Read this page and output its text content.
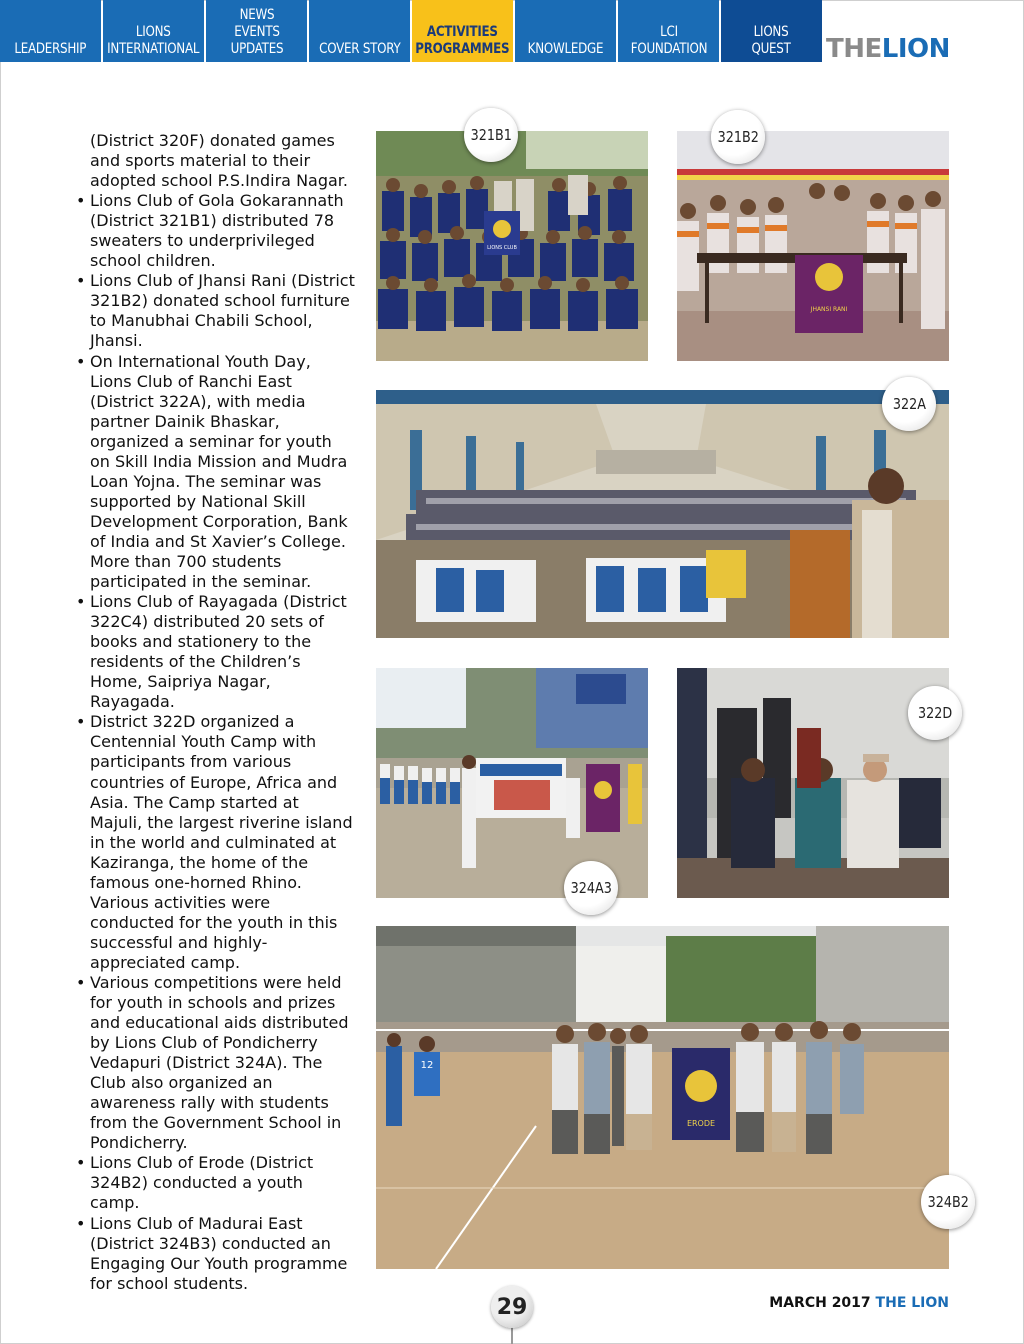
LEADERSHIP
LIONS
INTERNATIONAL
NEWS
EVENTS
UPDATES	COVER STORY
ACTIVITIES
PROGRAMMES KNOWLEDGE
LCI
FOUNDATION
LIONS
QUEST THELION

(District 320F) donated games and sports material to their adopted school P.S.Indira Nagar.

• Lions Club of Gola Gokarannath (District 321B1) distributed 78 sweaters to underprivileged school children.
• Lions Club of Jhansi Rani (District 321B2) donated school furniture to Manubhai Chabili School, Jhansi.
• On International Youth Day, Lions Club of Ranchi East (District 322A), with media partner Dainik Bhaskar, organized a seminar for youth on Skill India Mission and Mudra Loan Yojna. The seminar was supported by National Skill Development Corporation, Bank of India and St Xavier’s College. More than 700 students participated in the seminar.
• Lions Club of Rayagada (District 322C4) distributed 20 sets of books and stationery to the residents of the Children’s Home, Saipriya Nagar, Rayagada.
• District 322D organized a Centennial Youth Camp with participants from various countries of Europe, Africa and Asia. The Camp started at Majuli, the largest riverine island in the world and culminated at Kaziranga, the home of the famous one-horned Rhino. Various activities were conducted for the youth in this successful and highly-appreciated camp.
• Various competitions were held for youth in schools and prizes and educational aids distributed by Lions Club of Pondicherry Vedapuri (District 324A). The Club also organized an awareness rally with students from the Government School in Pondicherry.
• Lions Club of Erode (District 324B2) conducted a youth camp.
• Lions Club of Madurai East (District 324B3) conducted an Engaging Our Youth programme for school students.
LIONS CLUB
321B1
JHANSI RANI
321B2
322A
324A3
322D
12
ERODE
324B2
29	MARCH 2017 THE LION
